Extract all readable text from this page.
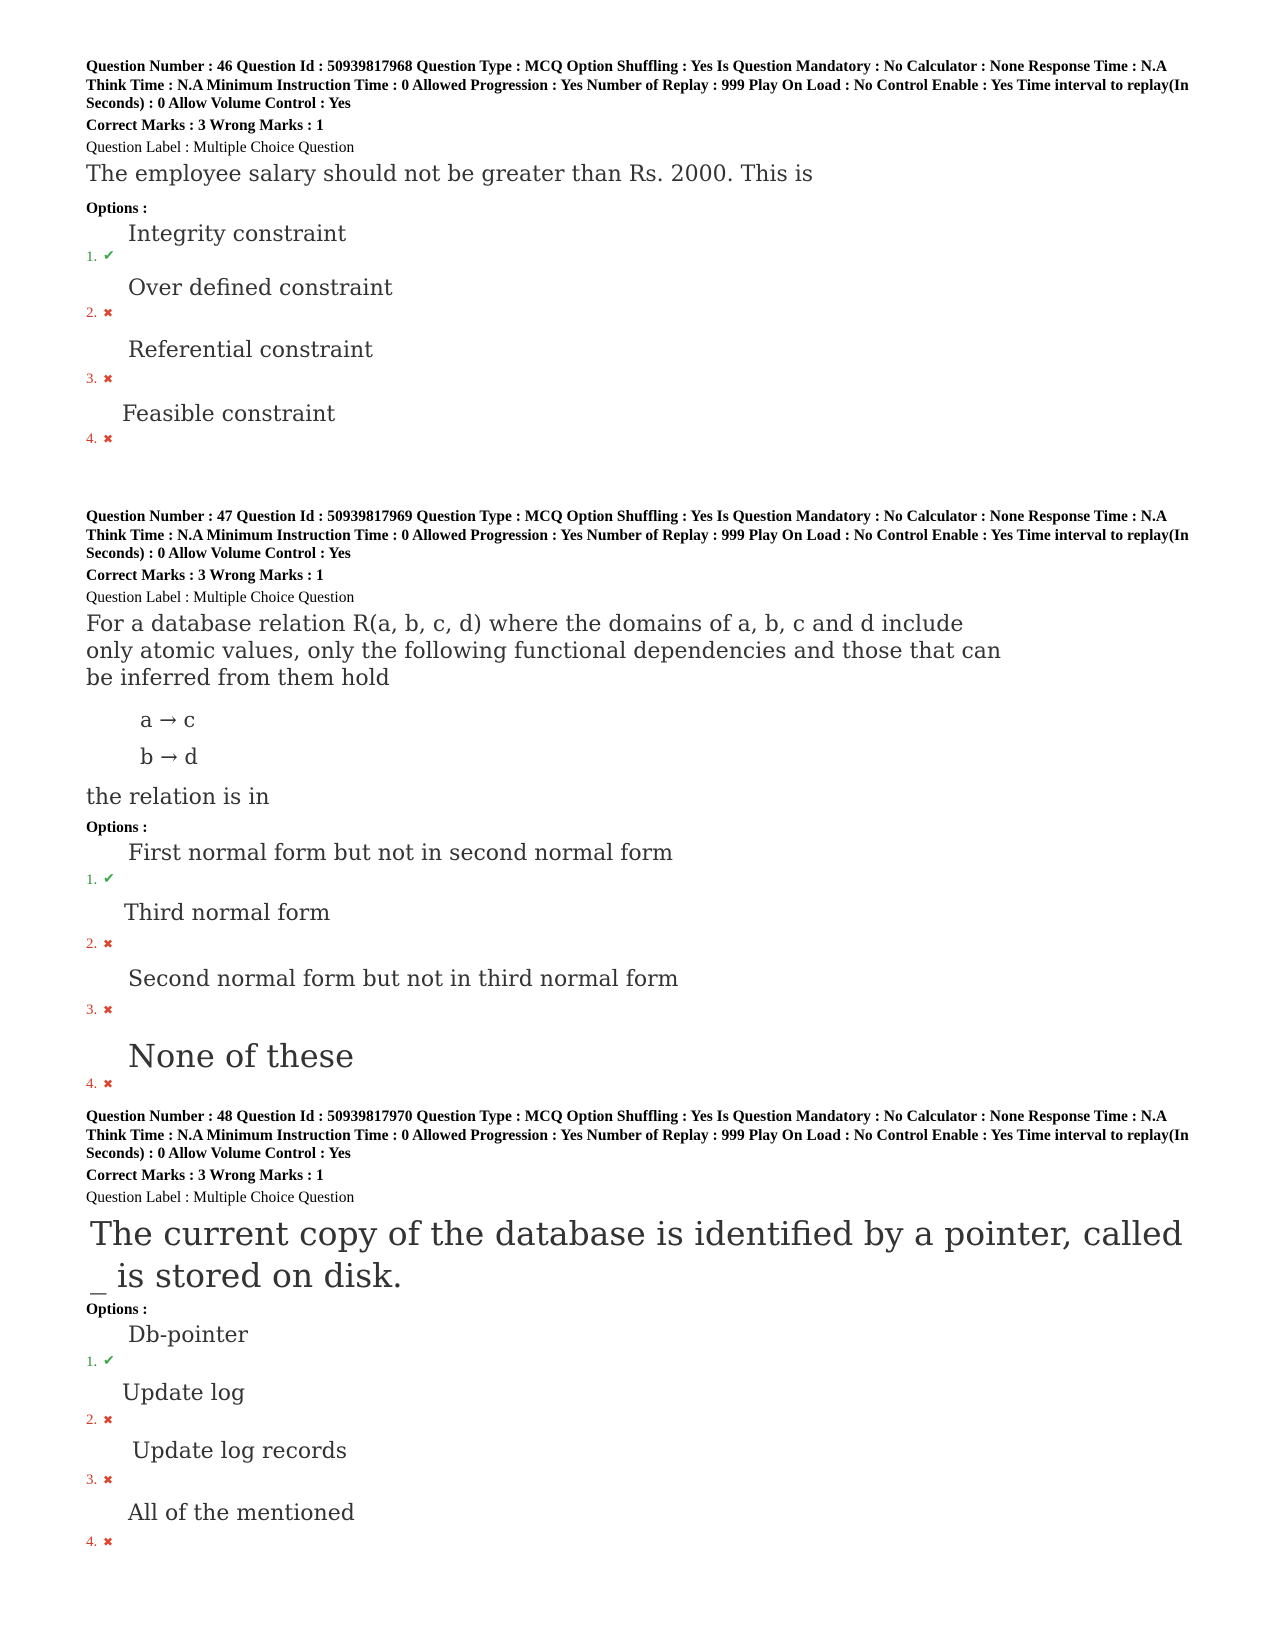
Question Number : 46 Question Id : 50939817968 Question Type : MCQ Option Shuffling : Yes Is Question Mandatory : No Calculator : None Response Time : N.A Think Time : N.A Minimum Instruction Time : 0 Allowed Progression : Yes Number of Replay : 999 Play On Load : No Control Enable : Yes Time interval to replay(In Seconds) : 0 Allow Volume Control : Yes

Correct Marks : 3 Wrong Marks : 1

Question Label : Multiple Choice Question

The employee salary should not be greater than Rs. 2000. This is

Options :

1. ✔
Integrity constraint
2. ✖
Over defined constraint
3. ✖
Referential constraint
4. ✖
Feasible constraint

Question Number : 47 Question Id : 50939817969 Question Type : MCQ Option Shuffling : Yes Is Question Mandatory : No Calculator : None Response Time : N.A Think Time : N.A Minimum Instruction Time : 0 Allowed Progression : Yes Number of Replay : 999 Play On Load : No Control Enable : Yes Time interval to replay(In Seconds) : 0 Allow Volume Control : Yes

Correct Marks : 3 Wrong Marks : 1

Question Label : Multiple Choice Question

For a database relation R(a, b, c, d) where the domains of a, b, c and d include only atomic values, only the following functional dependencies and those that can be inferred from them hold

a → c
b → d

the relation is in

Options :

1. ✔
First normal form but not in second normal form
2. ✖
Third normal form
3. ✖
Second normal form but not in third normal form
4. ✖
None of these

Question Number : 48 Question Id : 50939817970 Question Type : MCQ Option Shuffling : Yes Is Question Mandatory : No Calculator : None Response Time : N.A Think Time : N.A Minimum Instruction Time : 0 Allowed Progression : Yes Number of Replay : 999 Play On Load : No Control Enable : Yes Time interval to replay(In Seconds) : 0 Allow Volume Control : Yes

Correct Marks : 3 Wrong Marks : 1

Question Label : Multiple Choice Question

The current copy of the database is identified by a pointer, called _ is stored on disk.

Options :

1. ✔
Db-pointer
2. ✖
Update log
3. ✖
Update log records
4. ✖
All of the mentioned
